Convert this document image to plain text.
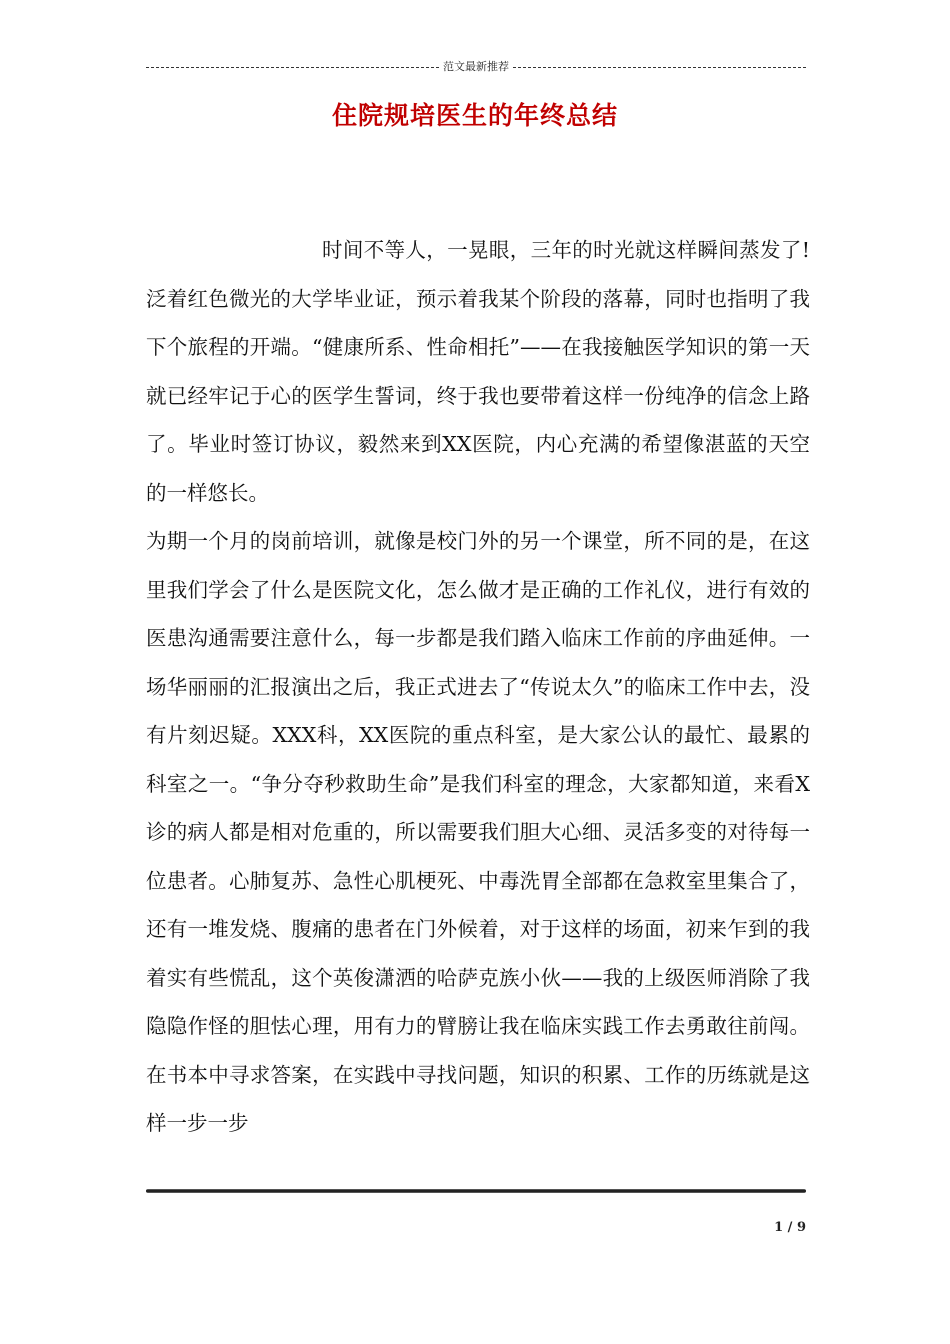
范文最新推荐
住院规培医生的年终总结

时间不等人，一晃眼，三年的时光就这样瞬间蒸发了!泛着红色微光的大学毕业证，预示着我某个阶段的落幕，同时也指明了我下个旅程的开端。“健康所系、性命相托”——在我接触医学知识的第一天就已经牢记于心的医学生誓词，终于我也要带着这样一份纯净的信念上路了。毕业时签订协议，毅然来到XX医院，内心充满的希望像湛蓝的天空的一样悠长。

为期一个月的岗前培训，就像是校门外的另一个课堂，所不同的是，在这里我们学会了什么是医院文化，怎么做才是正确的工作礼仪，进行有效的医患沟通需要注意什么，每一步都是我们踏入临床工作前的序曲延伸。一场华丽丽的汇报演出之后，我正式进去了“传说太久”的临床工作中去，没有片刻迟疑。XXX科，XX医院的重点科室，是大家公认的最忙、最累的科室之一。“争分夺秒救助生命”是我们科室的理念，大家都知道，来看X诊的病人都是相对危重的，所以需要我们胆大心细、灵活多变的对待每一位患者。心肺复苏、急性心肌梗死、中毒洗胃全部都在急救室里集合了，还有一堆发烧、腹痛的患者在门外候着，对于这样的场面，初来乍到的我着实有些慌乱，这个英俊潇洒的哈萨克族小伙——我的上级医师消除了我隐隐作怪的胆怯心理，用有力的臂膀让我在临床实践工作去勇敢往前闯。在书本中寻求答案，在实践中寻找问题，知识的积累、工作的历练就是这样一步一步

1 / 9
